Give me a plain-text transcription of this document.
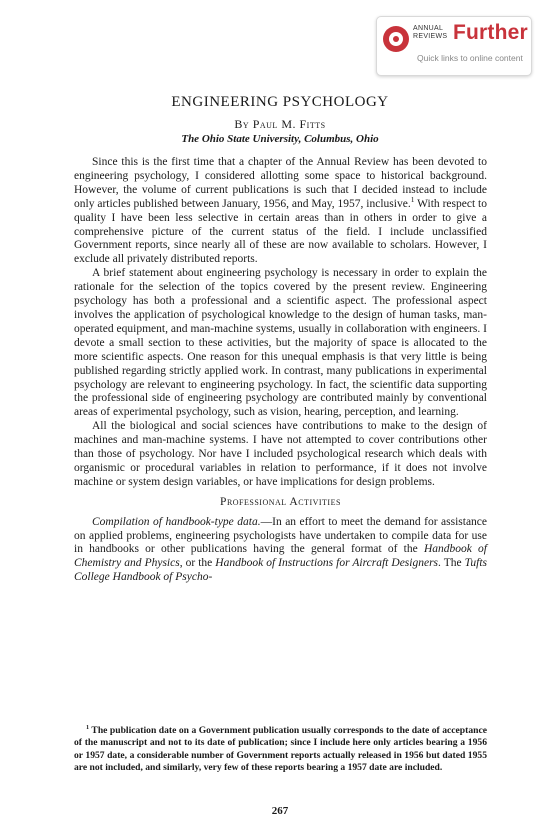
ANNUAL
REVIEWS Further
Quick links to online content
ENGINEERING PSYCHOLOGY
By Paul M. Fitts
The Ohio State University, Columbus, Ohio

Since this is the first time that a chapter of the Annual Review has been devoted to engineering psychology, I considered allotting some space to historical background. However, the volume of current publications is such that I decided instead to include only articles published between January, 1956, and May, 1957, inclusive.$^1$ With respect to quality I have been less selective in certain areas than in others in order to give a comprehensive picture of the current status of the field. I include unclassified Government reports, since nearly all of these are now available to scholars. However, I exclude all privately distributed reports.

A brief statement about engineering psychology is necessary in order to explain the rationale for the selection of the topics covered by the present review. Engineering psychology has both a professional and a scientific aspect. The professional aspect involves the application of psychological knowledge to the design of human tasks, man-operated equipment, and man-machine systems, usually in collaboration with engineers. I devote a small section to these activities, but the majority of space is allocated to the more scientific aspects. One reason for this unequal emphasis is that very little is being published regarding strictly applied work. In contrast, many publications in experimental psychology are relevant to engineering psychology. In fact, the scientific data supporting the professional side of engineering psychology are contributed mainly by conventional areas of experimental psychology, such as vision, hearing, perception, and learning.

All the biological and social sciences have contributions to make to the design of machines and man-machine systems. I have not attempted to cover contributions other than those of psychology. Nor have I included psychological research which deals with organismic or procedural variables in relation to performance, if it does not involve machine or system design variables, or have implications for design problems.

Professional Activities

Compilation of handbook-type data.—In an effort to meet the demand for assistance on applied problems, engineering psychologists have undertaken to compile data for use in handbooks or other publications having the general format of the Handbook of Chemistry and Physics, or the Handbook of Instructions for Aircraft Designers. The Tufts College Handbook of Psycho-

$^1$ The publication date on a Government publication usually corresponds to the date of acceptance of the manuscript and not to its date of publication; since I include here only articles bearing a 1956 or 1957 date, a considerable number of Government reports actually released in 1956 but dated 1955 are not included, and similarly, very few of these reports bearing a 1957 date are included.

267
